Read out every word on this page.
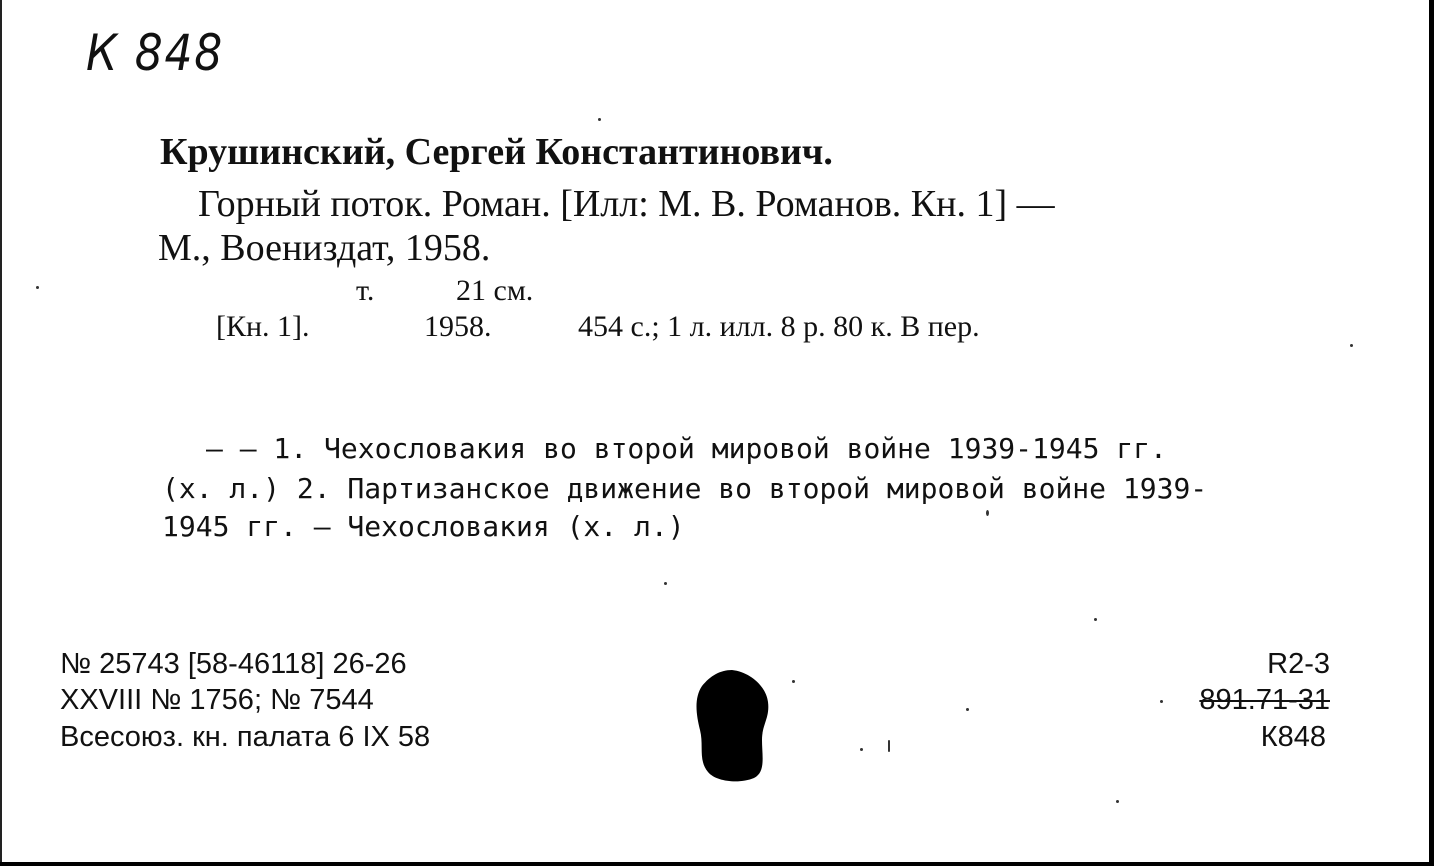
К 848
Крушинский, Сергей Константинович.
Горный поток. Роман. [Илл: М. В. Романов. Кн. 1] —
М., Воениздат, 1958.
т.	21 см.
[Кн. 1].	1958.	454 с.; 1 л. илл. 8 р. 80 к. В пер.
— — 1. Чехословакия во второй мировой войне 1939-1945 гг.
(х. л.) 2. Партизанское движение во второй мировой войне 1939-
1945 гг. — Чехословакия (х. л.)
№ 25743 [58-46118] 26-26
XXVIII № 1756; № 7544
Всесоюз. кн. палата 6 IX 58
R2-3
891.71-31
К848
